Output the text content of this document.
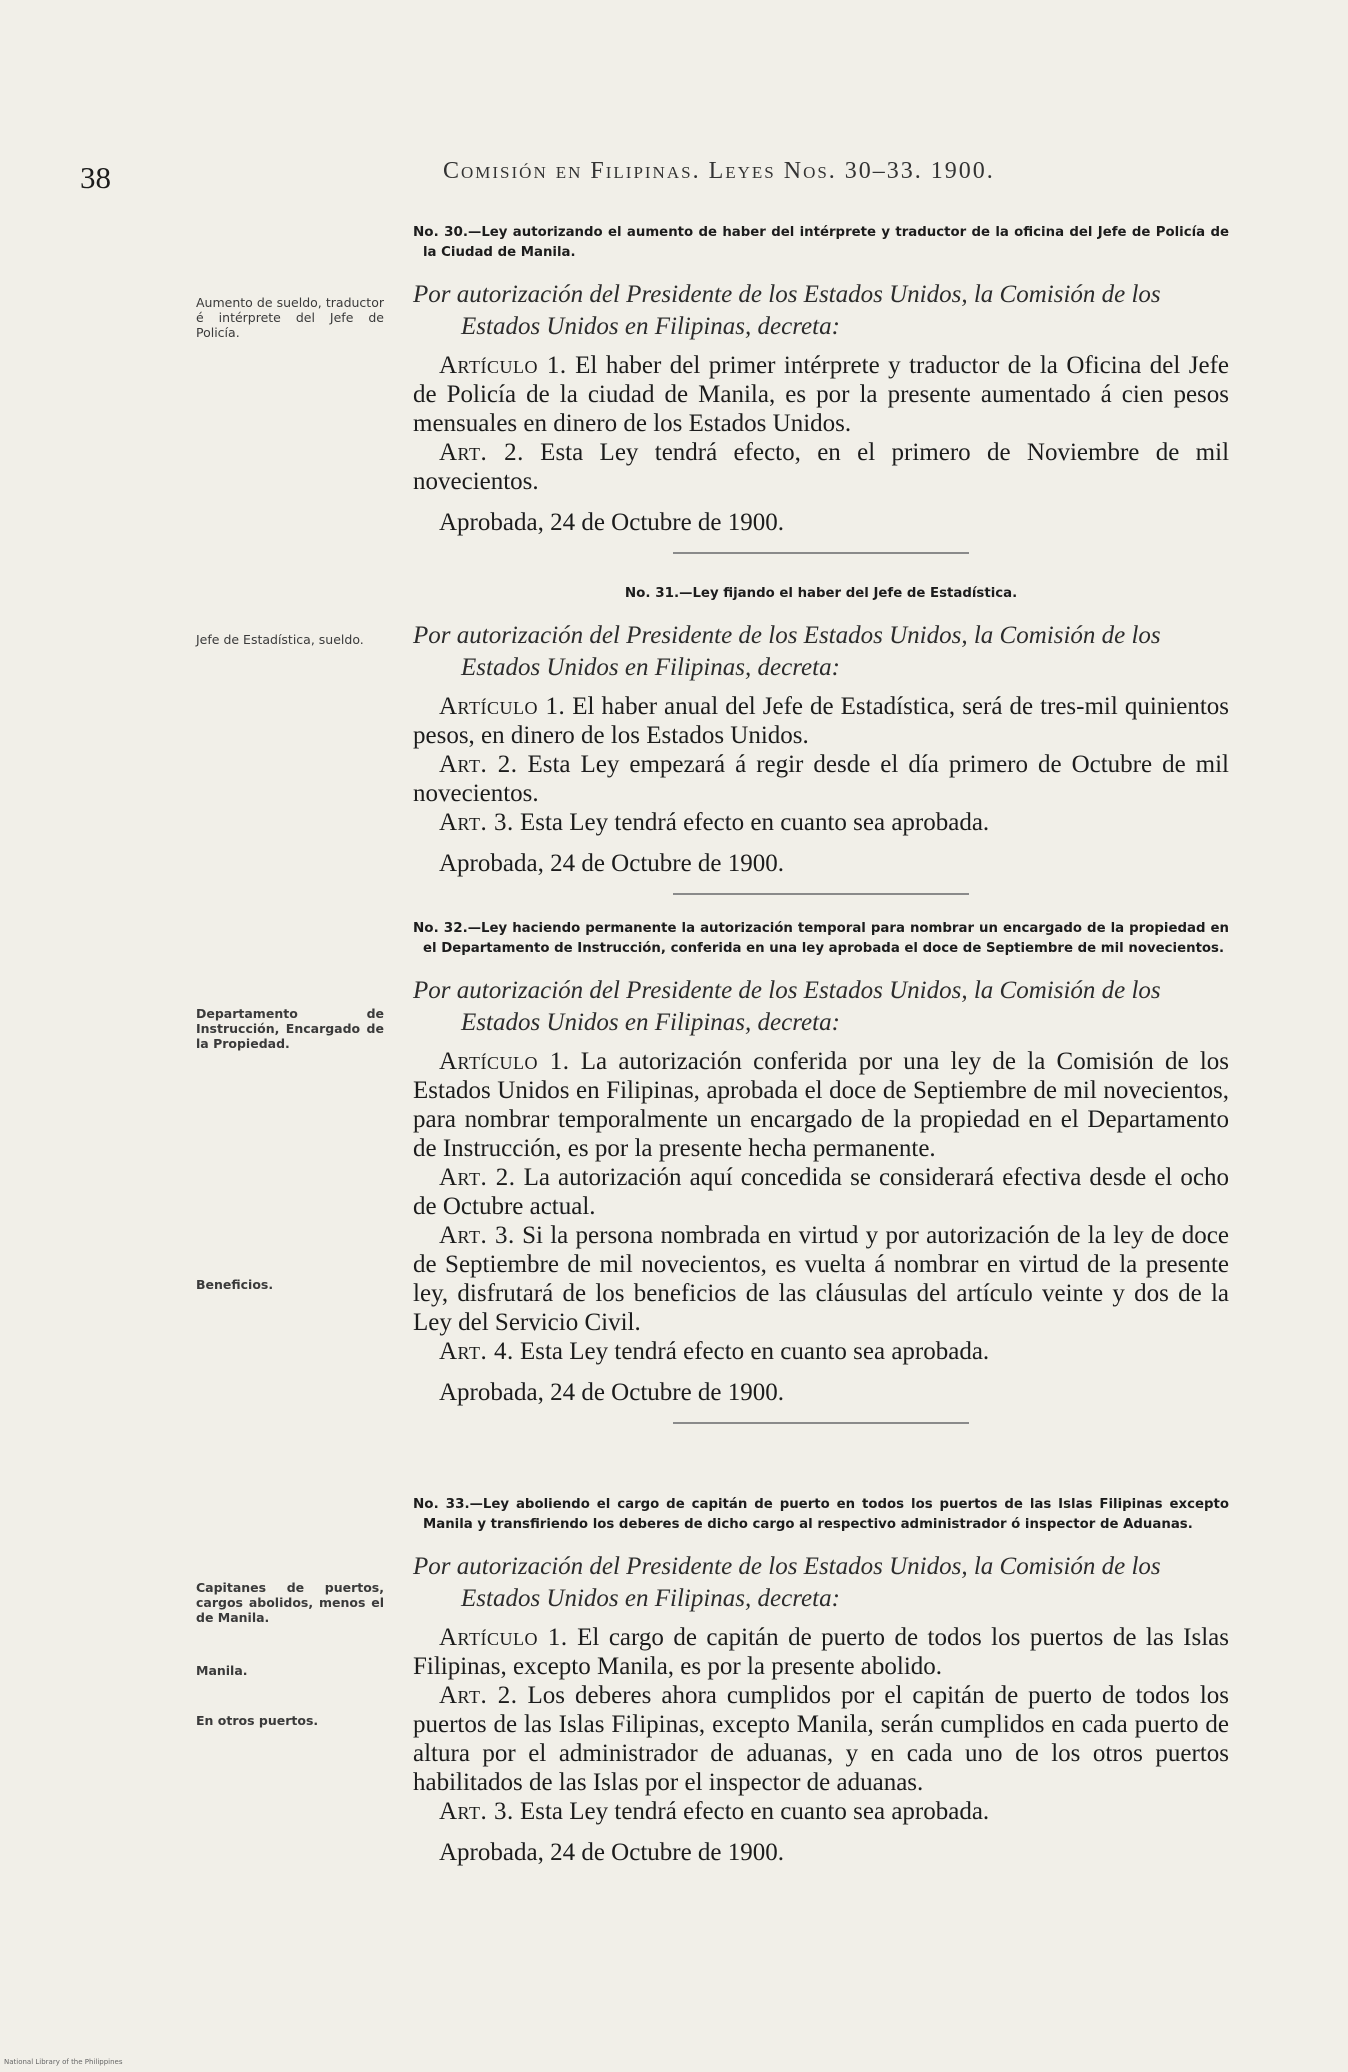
38	Comisión en Filipinas. Leyes Nos. 30–33. 1900.

No. 30.—Ley autorizando el aumento de haber del intérprete y traductor de la oficina del Jefe de Policía de la Ciudad de Manila.

Por autorización del Presidente de los Estados Unidos, la Comisión de los Estados Unidos en Filipinas, decreta:

Artículo 1. El haber del primer intérprete y traductor de la Oficina del Jefe de Policía de la ciudad de Manila, es por la presente aumentado á cien pesos mensuales en dinero de los Estados Unidos.

Art. 2. Esta Ley tendrá efecto, en el primero de Noviembre de mil novecientos.

Aprobada, 24 de Octubre de 1900.

No. 31.—Ley fijando el haber del Jefe de Estadística.

Por autorización del Presidente de los Estados Unidos, la Comisión de los Estados Unidos en Filipinas, decreta:

Artículo 1. El haber anual del Jefe de Estadística, será de tres-mil quinientos pesos, en dinero de los Estados Unidos.

Art. 2. Esta Ley empezará á regir desde el día primero de Octubre de mil novecientos.

Art. 3. Esta Ley tendrá efecto en cuanto sea aprobada.

Aprobada, 24 de Octubre de 1900.

No. 32.—Ley haciendo permanente la autorización temporal para nombrar un encargado de la propiedad en el Departamento de Instrucción, conferida en una ley aprobada el doce de Septiembre de mil novecientos.

Por autorización del Presidente de los Estados Unidos, la Comisión de los Estados Unidos en Filipinas, decreta:

Artículo 1. La autorización conferida por una ley de la Comisión de los Estados Unidos en Filipinas, aprobada el doce de Septiembre de mil novecientos, para nombrar temporalmente un encargado de la propiedad en el Departamento de Instrucción, es por la presente hecha permanente.

Art. 2. La autorización aquí concedida se considerará efectiva desde el ocho de Octubre actual.

Art. 3. Si la persona nombrada en virtud y por autorización de la ley de doce de Septiembre de mil novecientos, es vuelta á nombrar en virtud de la presente ley, disfrutará de los beneficios de las cláusulas del artículo veinte y dos de la Ley del Servicio Civil.

Art. 4. Esta Ley tendrá efecto en cuanto sea aprobada.

Aprobada, 24 de Octubre de 1900.

No. 33.—Ley aboliendo el cargo de capitán de puerto en todos los puertos de las Islas Filipinas excepto Manila y transfiriendo los deberes de dicho cargo al respectivo administrador ó inspector de Aduanas.

Por autorización del Presidente de los Estados Unidos, la Comisión de los Estados Unidos en Filipinas, decreta:

Artículo 1. El cargo de capitán de puerto de todos los puertos de las Islas Filipinas, excepto Manila, es por la presente abolido.

Art. 2. Los deberes ahora cumplidos por el capitán de puerto de todos los puertos de las Islas Filipinas, excepto Manila, serán cumplidos en cada puerto de altura por el administrador de aduanas, y en cada uno de los otros puertos habilitados de las Islas por el inspector de aduanas.

Art. 3. Esta Ley tendrá efecto en cuanto sea aprobada.

Aprobada, 24 de Octubre de 1900.

Aumento de sueldo, traductor é intérprete del Jefe de Policía.
Jefe de Estadística, sueldo.
Departamento de Instrucción, Encargado de la Propiedad.
Beneficios.
Capitanes de puertos, cargos abolidos, menos el de Manila.
Manila.
En otros puertos.
National Library of the Philippines
